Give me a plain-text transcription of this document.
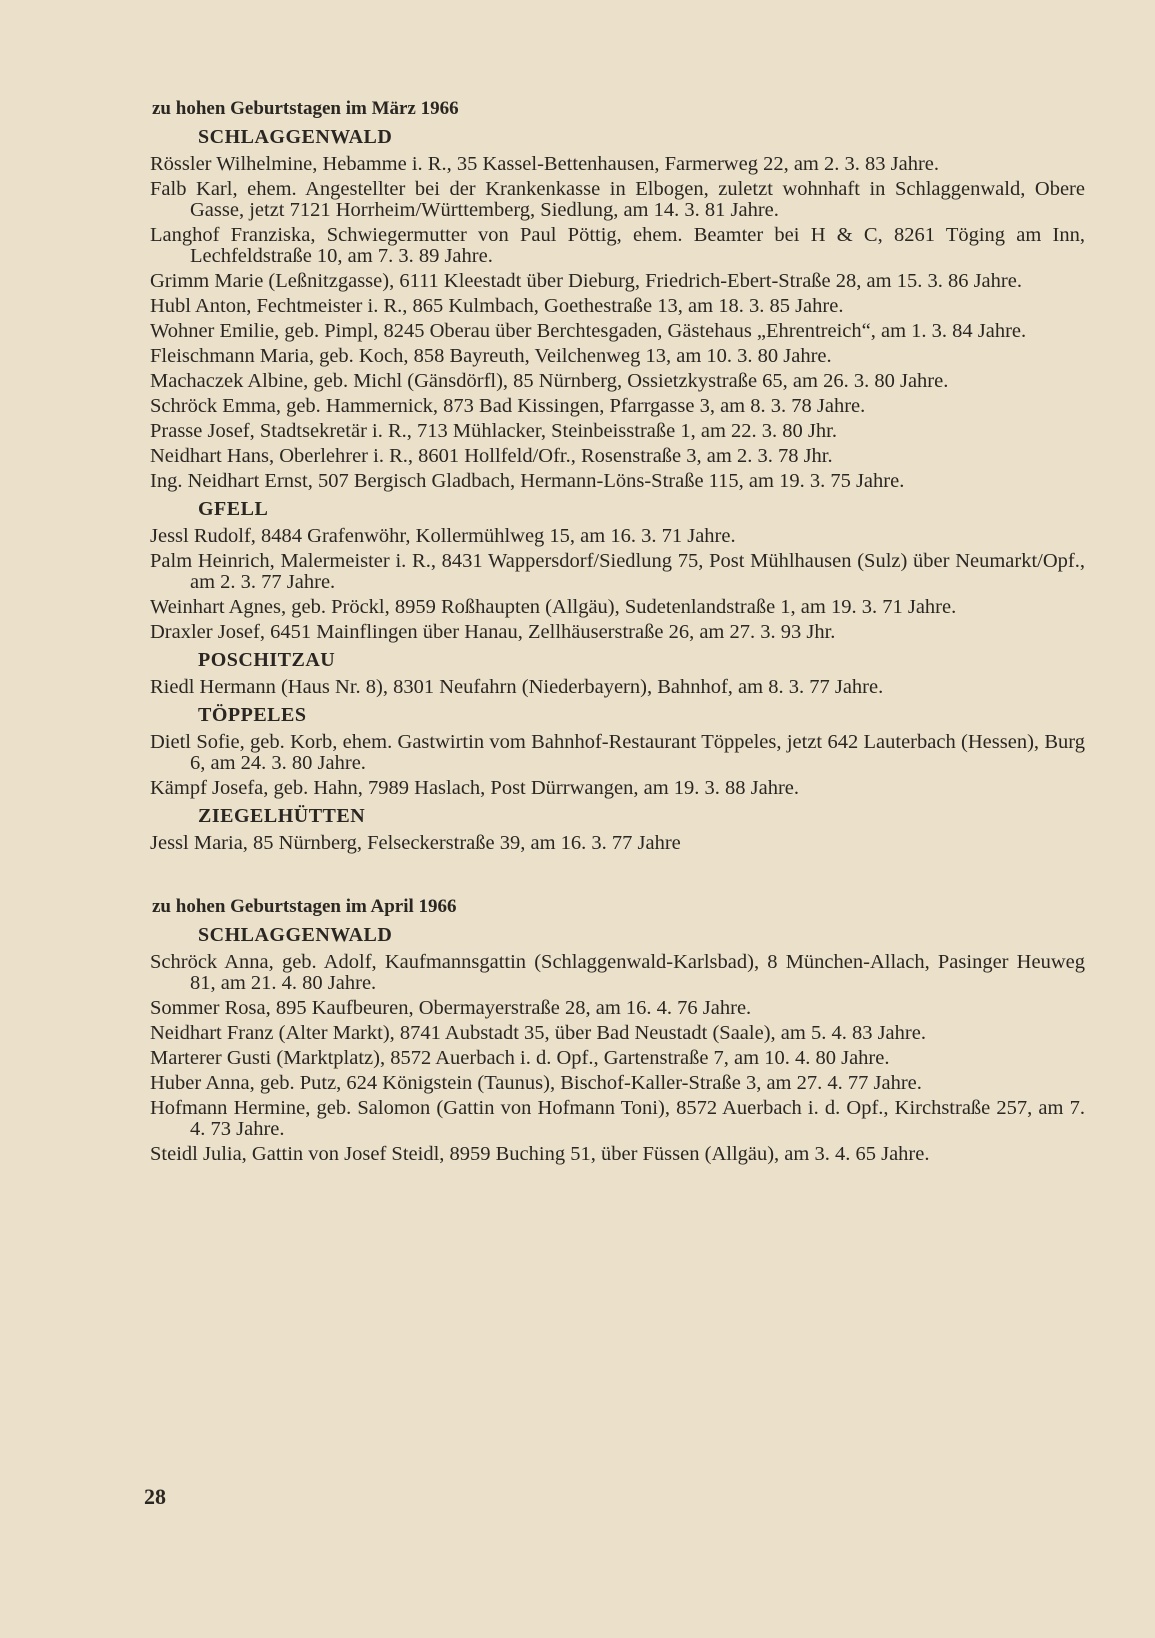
zu hohen Geburtstagen im März 1966
SCHLAGGENWALD
Rössler Wilhelmine, Hebamme i. R., 35 Kassel-Bettenhausen, Farmerweg 22, am 2. 3. 83 Jahre.
Falb Karl, ehem. Angestellter bei der Krankenkasse in Elbogen, zuletzt wohnhaft in Schlaggenwald, Obere Gasse, jetzt 7121 Horrheim/Württemberg, Siedlung, am 14. 3. 81 Jahre.
Langhof Franziska, Schwiegermutter von Paul Pöttig, ehem. Beamter bei H & C, 8261 Töging am Inn, Lechfeldstraße 10, am 7. 3. 89 Jahre.
Grimm Marie (Leßnitzgasse), 6111 Kleestadt über Dieburg, Friedrich-Ebert-Straße 28, am 15. 3. 86 Jahre.
Hubl Anton, Fechtmeister i. R., 865 Kulmbach, Goethestraße 13, am 18. 3. 85 Jahre.
Wohner Emilie, geb. Pimpl, 8245 Oberau über Berchtesgaden, Gästehaus „Ehrentreich“, am 1. 3. 84 Jahre.
Fleischmann Maria, geb. Koch, 858 Bayreuth, Veilchenweg 13, am 10. 3. 80 Jahre.
Machaczek Albine, geb. Michl (Gänsdörfl), 85 Nürnberg, Ossietzkystraße 65, am 26. 3. 80 Jahre.
Schröck Emma, geb. Hammernick, 873 Bad Kissingen, Pfarrgasse 3, am 8. 3. 78 Jahre.
Prasse Josef, Stadtsekretär i. R., 713 Mühlacker, Steinbeisstraße 1, am 22. 3. 80 Jhr.
Neidhart Hans, Oberlehrer i. R., 8601 Hollfeld/Ofr., Rosenstraße 3, am 2. 3. 78 Jhr.
Ing. Neidhart Ernst, 507 Bergisch Gladbach, Hermann-Löns-Straße 115, am 19. 3. 75 Jahre.
GFELL
Jessl Rudolf, 8484 Grafenwöhr, Kollermühlweg 15, am 16. 3. 71 Jahre.
Palm Heinrich, Malermeister i. R., 8431 Wappersdorf/Siedlung 75, Post Mühlhausen (Sulz) über Neumarkt/Opf., am 2. 3. 77 Jahre.
Weinhart Agnes, geb. Pröckl, 8959 Roßhaupten (Allgäu), Sudetenlandstraße 1, am 19. 3. 71 Jahre.
Draxler Josef, 6451 Mainflingen über Hanau, Zellhäuserstraße 26, am 27. 3. 93 Jhr.
POSCHITZAU
Riedl Hermann (Haus Nr. 8), 8301 Neufahrn (Niederbayern), Bahnhof, am 8. 3. 77 Jahre.
TÖPPELES
Dietl Sofie, geb. Korb, ehem. Gastwirtin vom Bahnhof-Restaurant Töppeles, jetzt 642 Lauterbach (Hessen), Burg 6, am 24. 3. 80 Jahre.
Kämpf Josefa, geb. Hahn, 7989 Haslach, Post Dürrwangen, am 19. 3. 88 Jahre.
ZIEGELHÜTTEN
Jessl Maria, 85 Nürnberg, Felseckerstraße 39, am 16. 3. 77 Jahre
zu hohen Geburtstagen im April 1966
SCHLAGGENWALD
Schröck Anna, geb. Adolf, Kaufmannsgattin (Schlaggenwald-Karlsbad), 8 München-Allach, Pasinger Heuweg 81, am 21. 4. 80 Jahre.
Sommer Rosa, 895 Kaufbeuren, Obermayerstraße 28, am 16. 4. 76 Jahre.
Neidhart Franz (Alter Markt), 8741 Aubstadt 35, über Bad Neustadt (Saale), am 5. 4. 83 Jahre.
Marterer Gusti (Marktplatz), 8572 Auerbach i. d. Opf., Gartenstraße 7, am 10. 4. 80 Jahre.
Huber Anna, geb. Putz, 624 Königstein (Taunus), Bischof-Kaller-Straße 3, am 27. 4. 77 Jahre.
Hofmann Hermine, geb. Salomon (Gattin von Hofmann Toni), 8572 Auerbach i. d. Opf., Kirchstraße 257, am 7. 4. 73 Jahre.
Steidl Julia, Gattin von Josef Steidl, 8959 Buching 51, über Füssen (Allgäu), am 3. 4. 65 Jahre.
28
